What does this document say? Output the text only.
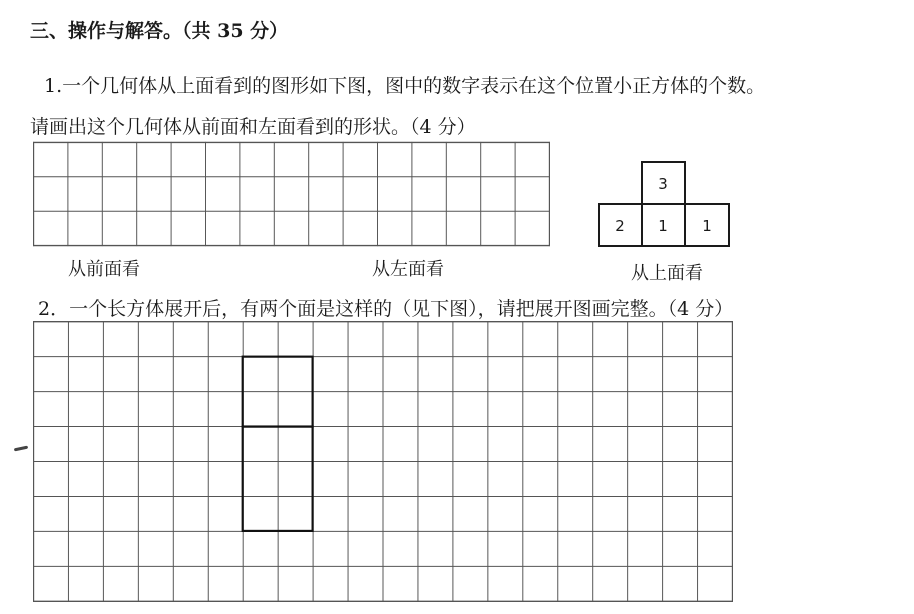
三、操作与解答。（共 35 分）
1.一个几何体从上面看到的图形如下图，图中的数字表示在这个位置小正方体的个数。
请画出这个几何体从前面和左面看到的形状。（4 分）
从前面看	从左面看
3
2 1 1
从上面看
2．一个长方体展开后，有两个面是这样的（见下图），请把展开图画完整。（4 分）
